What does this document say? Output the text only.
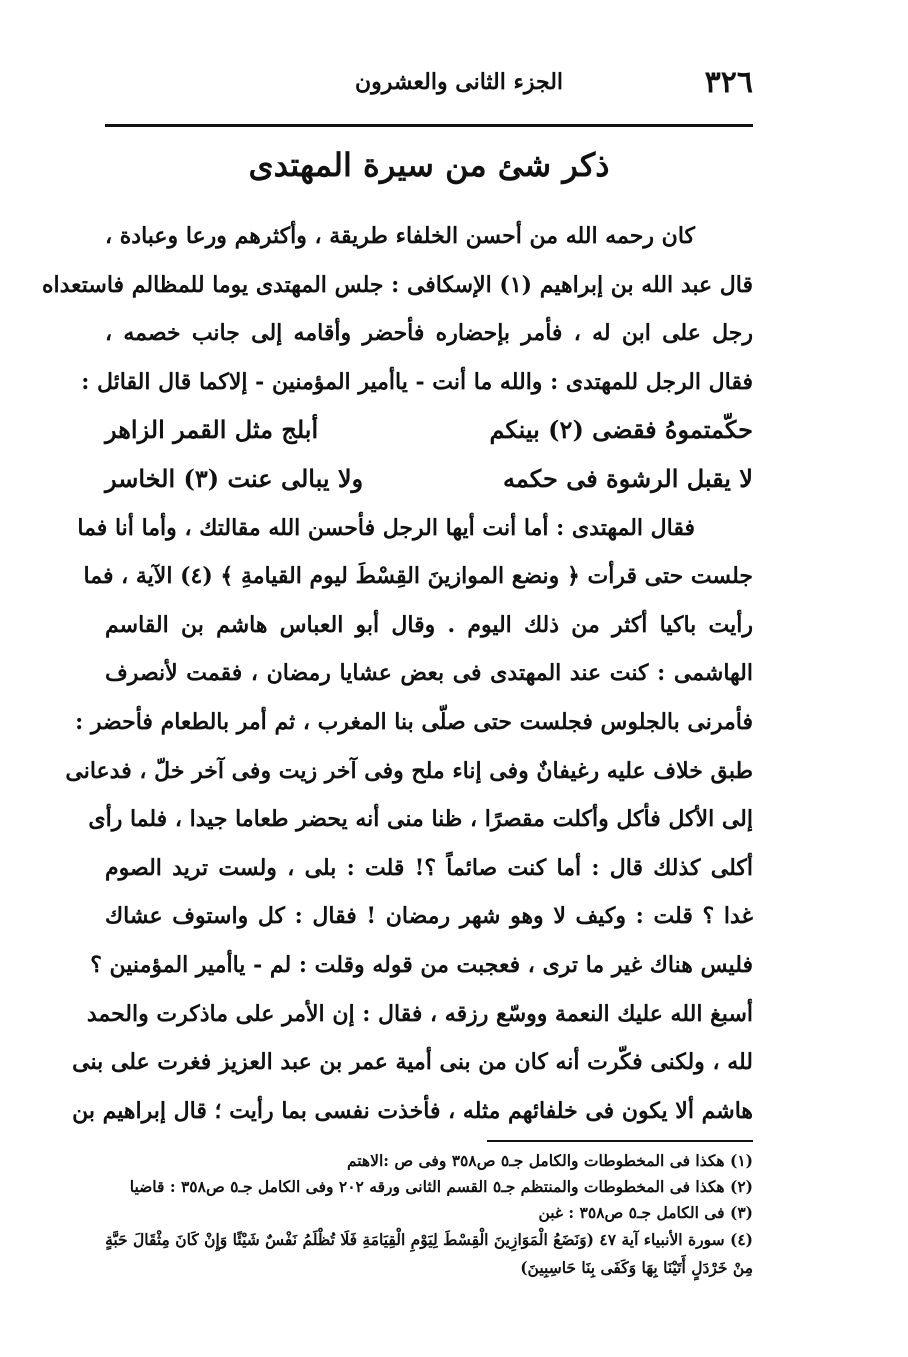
٣٢٦
الجزء الثانى والعشرون
ذكر شئ من سيرة المهتدى
كان رحمه الله من أحسن الخلفاء طريقة ، وأكثرهم ورعا وعبادة ،
قال عبد الله بن إبراهيم (١) الإسكافى : جلس المهتدى يوما للمظالم فاستعداه
رجل على ابن له ، فأمر بإحضاره فأحضر وأقامه إلى جانب خصمه ،
فقال الرجل للمهتدى : والله ما أنت - ياأمير المؤمنين - إلاكما قال القائل :
حكّمتموهُ فقضى (٢) بينكم
أبلج مثل القمر الزاهر
لا يقبل الرشوة فى حكمه
ولا يبالى عنت (٣) الخاسر
فقال المهتدى : أما أنت أيها الرجل فأحسن الله مقالتك ، وأما أنا فما
جلست حتى قرأت ﴿ ونضع الموازينَ القِسْطَ ليوم القيامةِ ﴾ (٤) الآية ، فما
رأيت باكيا أكثر من ذلك اليوم . وقال أبو العباس هاشم بن القاسم
الهاشمى : كنت عند المهتدى فى بعض عشايا رمضان ، فقمت لأنصرف
فأمرنى بالجلوس فجلست حتى صلّى بنا المغرب ، ثم أمر بالطعام فأحضر :
طبق خلاف عليه رغيفانٌ وفى إناء ملح وفى آخر زيت وفى آخر خلّ ، فدعانى
إلى الأكل فأكل وأكلت مقصرًا ، ظنا منى أنه يحضر طعاما جيدا ، فلما رأى
أكلى كذلك قال : أما كنت صائماً ؟! قلت : بلى ، ولست تريد الصوم
غدا ؟ قلت : وكيف لا وهو شهر رمضان ! فقال : كل واستوف عشاك
فليس هناك غير ما ترى ، فعجبت من قوله وقلت : لم - ياأمير المؤمنين ؟
أسبغ الله عليك النعمة ووسّع رزقه ، فقال : إن الأمر على ماذكرت والحمد
لله ، ولكنى فكّرت أنه كان من بنى أمية عمر بن عبد العزيز فغرت على بنى
هاشم ألا يكون فى خلفائهم مثله ، فأخذت نفسى بما رأيت ؛ قال إبراهيم بن
(١) هكذا فى المخطوطات والكامل جـ٥ ص٣٥٨ وفى ص :الاهتم
(٢) هكذا فى المخطوطات والمنتظم جـ٥ القسم الثانى ورقه ٢٠٢ وفى الكامل جـ٥ ص٣٥٨ : قاضيا
(٣) فى الكامل جـ٥ ص٣٥٨ : غبن
(٤) سورة الأنبياء آية ٤٧ (وَنَضَعُ الْمَوَازِينَ الْقِسْطَ لِيَوْمِ الْقِيَامَةِ فَلَا تُظْلَمُ نَفْسٌ شَيْئًا وَإِنْ كَانَ مِثْقَالَ حَبَّةٍ مِنْ خَرْدَلٍ أَتَيْنَا بِهَا وَكَفَى بِنَا حَاسِبِينَ)
